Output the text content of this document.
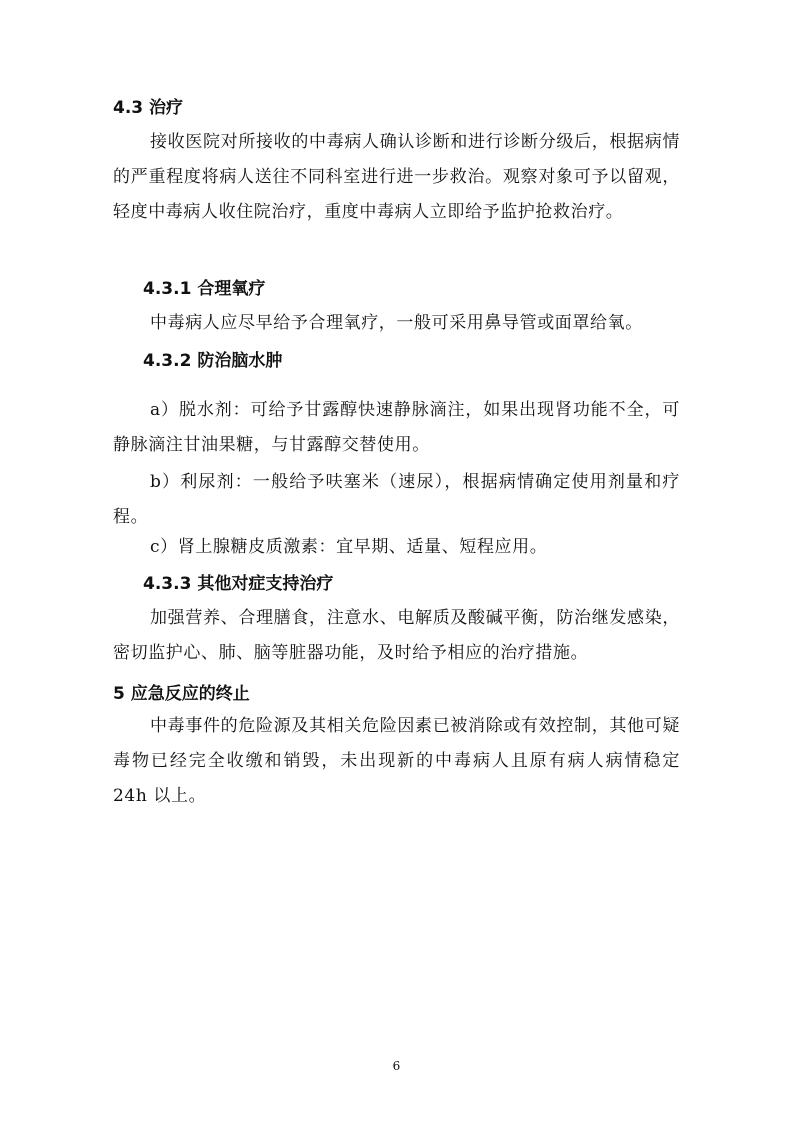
4.3 治疗
接收医院对所接收的中毒病人确认诊断和进行诊断分级后，根据病情的严重程度将病人送往不同科室进行进一步救治。观察对象可予以留观，轻度中毒病人收住院治疗，重度中毒病人立即给予监护抢救治疗。
4.3.1 合理氧疗
中毒病人应尽早给予合理氧疗，一般可采用鼻导管或面罩给氧。
4.3.2 防治脑水肿
a）脱水剂：可给予甘露醇快速静脉滴注，如果出现肾功能不全，可静脉滴注甘油果糖，与甘露醇交替使用。
b）利尿剂：一般给予呋塞米（速尿），根据病情确定使用剂量和疗程。
c）肾上腺糖皮质激素：宜早期、适量、短程应用。
4.3.3 其他对症支持治疗
加强营养、合理膳食，注意水、电解质及酸碱平衡，防治继发感染，密切监护心、肺、脑等脏器功能，及时给予相应的治疗措施。
5 应急反应的终止
中毒事件的危险源及其相关危险因素已被消除或有效控制，其他可疑毒物已经完全收缴和销毁，未出现新的中毒病人且原有病人病情稳定 24h 以上。
6
